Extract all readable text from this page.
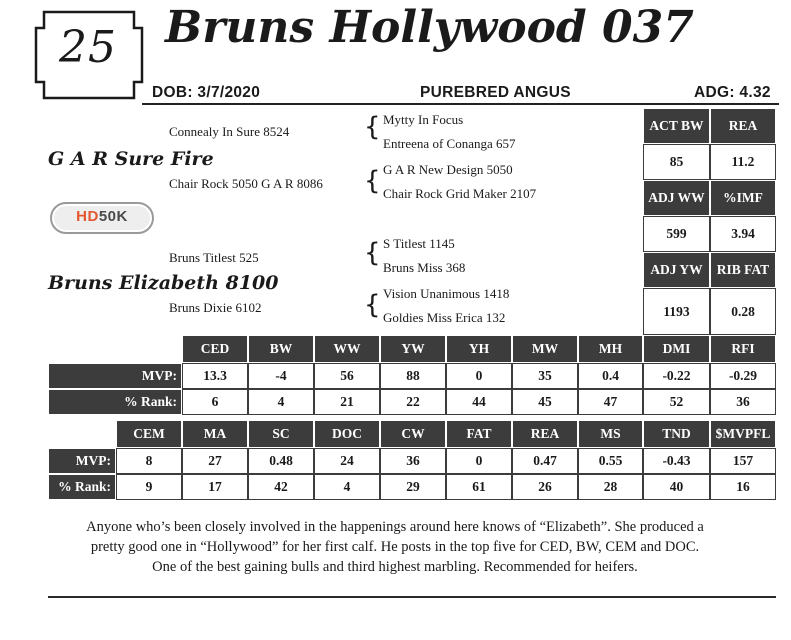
25	Bruns Hollywood 037
DOB: 3/7/2020	PUREBRED ANGUS	ADG: 4.32
Connealy In Sure 8524
G A R Sure Fire
Chair Rock 5050 G A R 8086
{ Mytty In Focus
Entreena of Conanga 657
{ G A R New Design 5050
Chair Rock Grid Maker 2107
HD50K
Bruns Titlest 525
Bruns Elizabeth 8100
Bruns Dixie 6102
{ S Titlest 1145
Bruns Miss 368
{ Vision Unanimous 1418
Goldies Miss Erica 132
ACT BW	REA
85	11.2
ADJ WW	%IMF
599	3.94
ADJ YW	RIB FAT
1193	0.28
CED	BW	WW	YW	YH	MW	MH	DMI	RFI
MVP:	13.3	-4	56	88	0	35	0.4	-0.22	-0.29
% Rank:	6	4	21	22	44	45	47	52	36
CEM	MA	SC	DOC	CW	FAT	REA	MS	TND	$MVPFL
MVP:	8	27	0.48	24	36	0	0.47	0.55	-0.43	157
% Rank:	9	17	42	4	29	61	26	28	40	16
Anyone who’s been closely involved in the happenings around here knows of “Elizabeth”. She produced a
pretty good one in “Hollywood” for her first calf. He posts in the top five for CED, BW, CEM and DOC.
One of the best gaining bulls and third highest marbling. Recommended for heifers.
